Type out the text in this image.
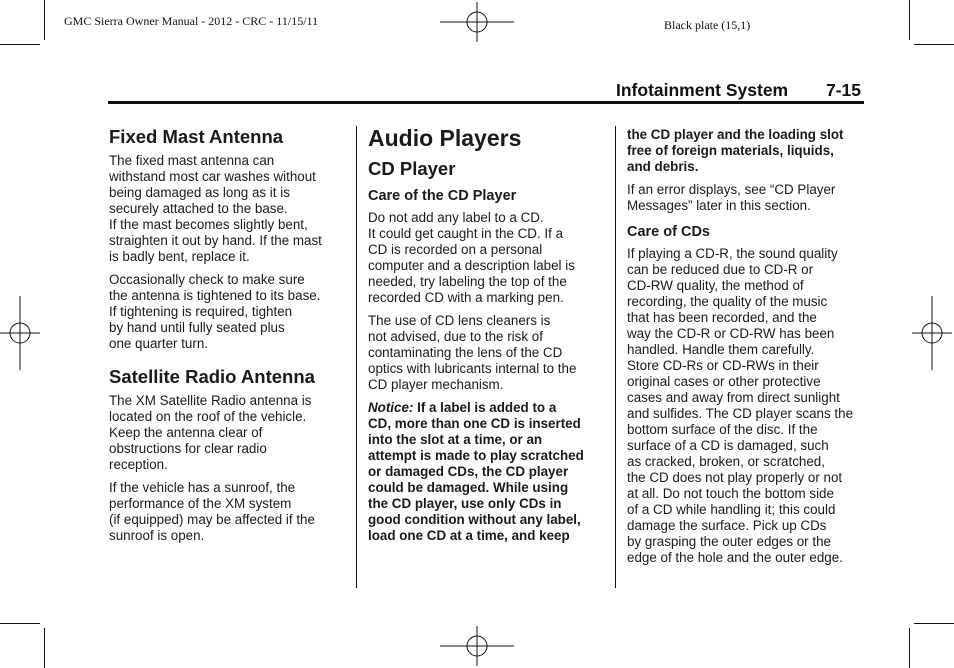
GMC Sierra Owner Manual - 2012 - CRC - 11/15/11	Black plate (15,1)
Infotainment System 7-15
Fixed Mast Antenna

The fixed mast antenna can
withstand most car washes without
being damaged as long as it is
securely attached to the base.
If the mast becomes slightly bent,
straighten it out by hand. If the mast
is badly bent, replace it.

Occasionally check to make sure
the antenna is tightened to its base.
If tightening is required, tighten
by hand until fully seated plus
one quarter turn.

Satellite Radio Antenna

The XM Satellite Radio antenna is
located on the roof of the vehicle.
Keep the antenna clear of
obstructions for clear radio
reception.

If the vehicle has a sunroof, the
performance of the XM system
(if equipped) may be affected if the
sunroof is open.

Audio Players
CD Player
Care of the CD Player

Do not add any label to a CD.
It could get caught in the CD. If a
CD is recorded on a personal
computer and a description label is
needed, try labeling the top of the
recorded CD with a marking pen.

The use of CD lens cleaners is
not advised, due to the risk of
contaminating the lens of the CD
optics with lubricants internal to the
CD player mechanism.

Notice: If a label is added to a
CD, more than one CD is inserted
into the slot at a time, or an
attempt is made to play scratched
or damaged CDs, the CD player
could be damaged. While using
the CD player, use only CDs in
good condition without any label,
load one CD at a time, and keep

the CD player and the loading slot
free of foreign materials, liquids,
and debris.

If an error displays, see “CD Player
Messages” later in this section.

Care of CDs

If playing a CD-R, the sound quality
can be reduced due to CD-R or
CD-RW quality, the method of
recording, the quality of the music
that has been recorded, and the
way the CD-R or CD-RW has been
handled. Handle them carefully.
Store CD-Rs or CD-RWs in their
original cases or other protective
cases and away from direct sunlight
and sulfides. The CD player scans the
bottom surface of the disc. If the
surface of a CD is damaged, such
as cracked, broken, or scratched,
the CD does not play properly or not
at all. Do not touch the bottom side
of a CD while handling it; this could
damage the surface. Pick up CDs
by grasping the outer edges or the
edge of the hole and the outer edge.
